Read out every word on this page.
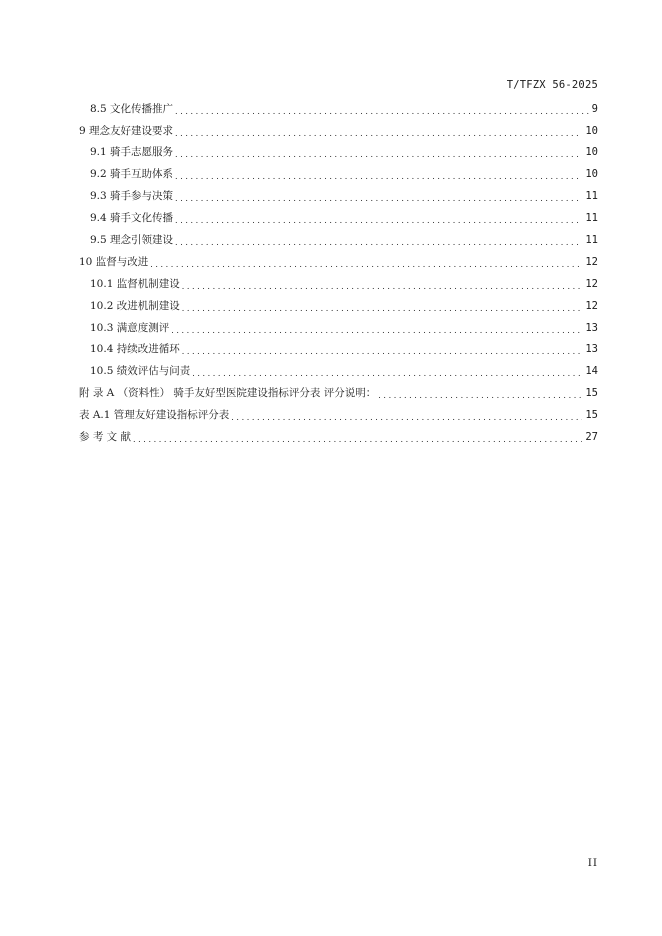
T/TFZX 56-2025
8.5 文化传播推广 .....	9
9 理念友好建设要求 .....	10
9.1 骑手志愿服务 .....	10
9.2 骑手互助体系 .....	10
9.3 骑手参与决策 .....	11
9.4 骑手文化传播 .....	11
9.5 理念引领建设 .....	11
10 监督与改进 .....	12
10.1 监督机制建设 .....	12
10.2 改进机制建设 .....	12
10.3 满意度测评 .....	13
10.4 持续改进循环 .....	13
10.5 绩效评估与问责 .....	14
附 录 A （资料性） 骑手友好型医院建设指标评分表 评分说明： .....	15
表 A.1 管理友好建设指标评分表 .....	15
参 考 文 献 .....	27
II
